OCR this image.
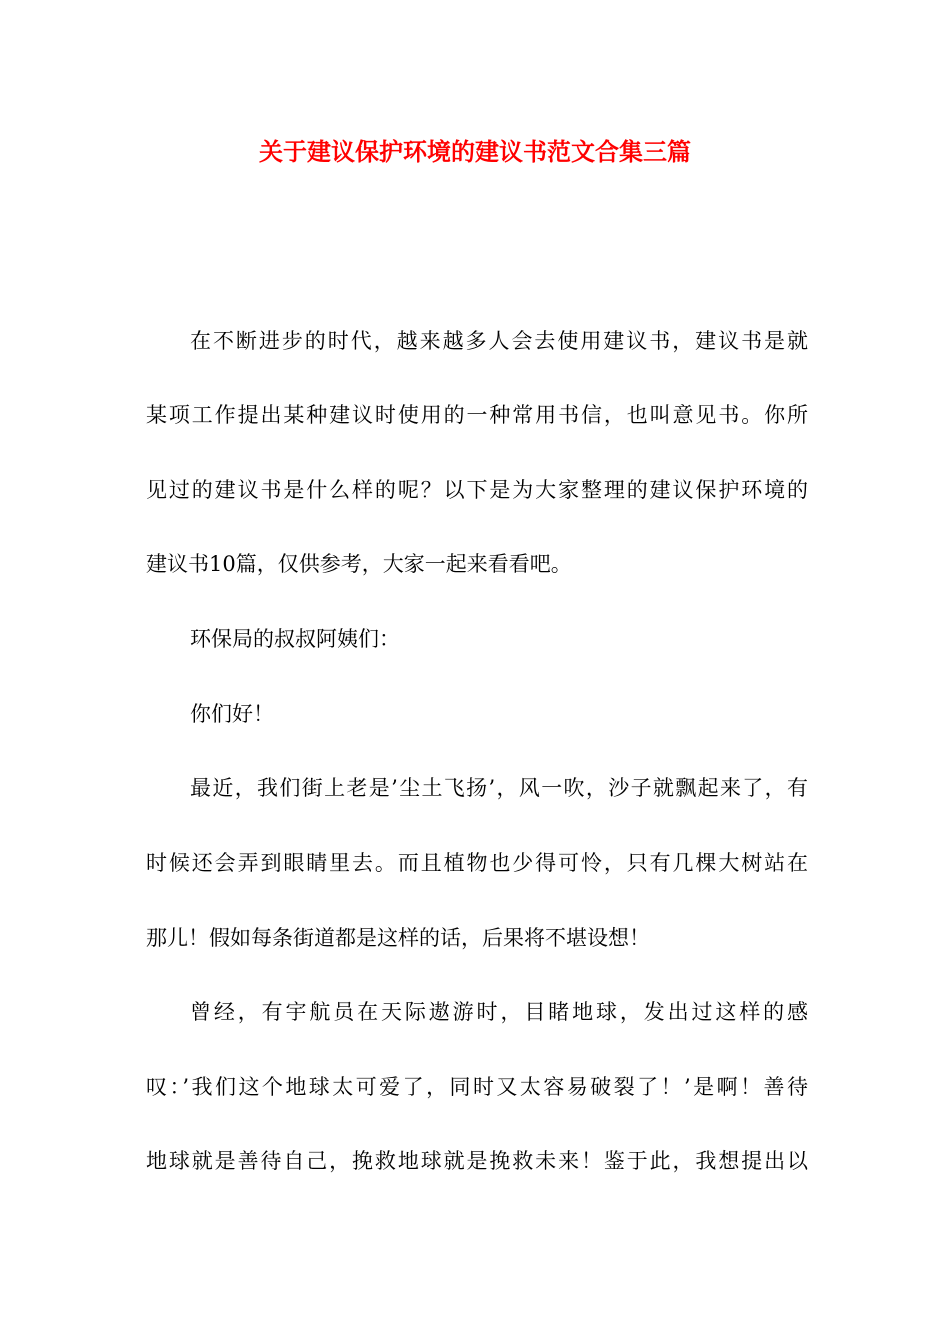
关于建议保护环境的建议书范文合集三篇
在不断进步的时代，越来越多人会去使用建议书，建议书是就
某项工作提出某种建议时使用的一种常用书信，也叫意见书。你所
见过的建议书是什么样的呢？以下是为大家整理的建议保护环境的
建议书10篇，仅供参考，大家一起来看看吧。
环保局的叔叔阿姨们：
你们好！
最近，我们街上老是’尘土飞扬’，风一吹，沙子就飘起来了，有
时候还会弄到眼睛里去。而且植物也少得可怜，只有几棵大树站在
那儿！假如每条街道都是这样的话，后果将不堪设想！
曾经，有宇航员在天际遨游时，目睹地球，发出过这样的感
叹：’我们这个地球太可爱了，同时又太容易破裂了！’是啊！善待
地球就是善待自己，挽救地球就是挽救未来！鉴于此，我想提出以
